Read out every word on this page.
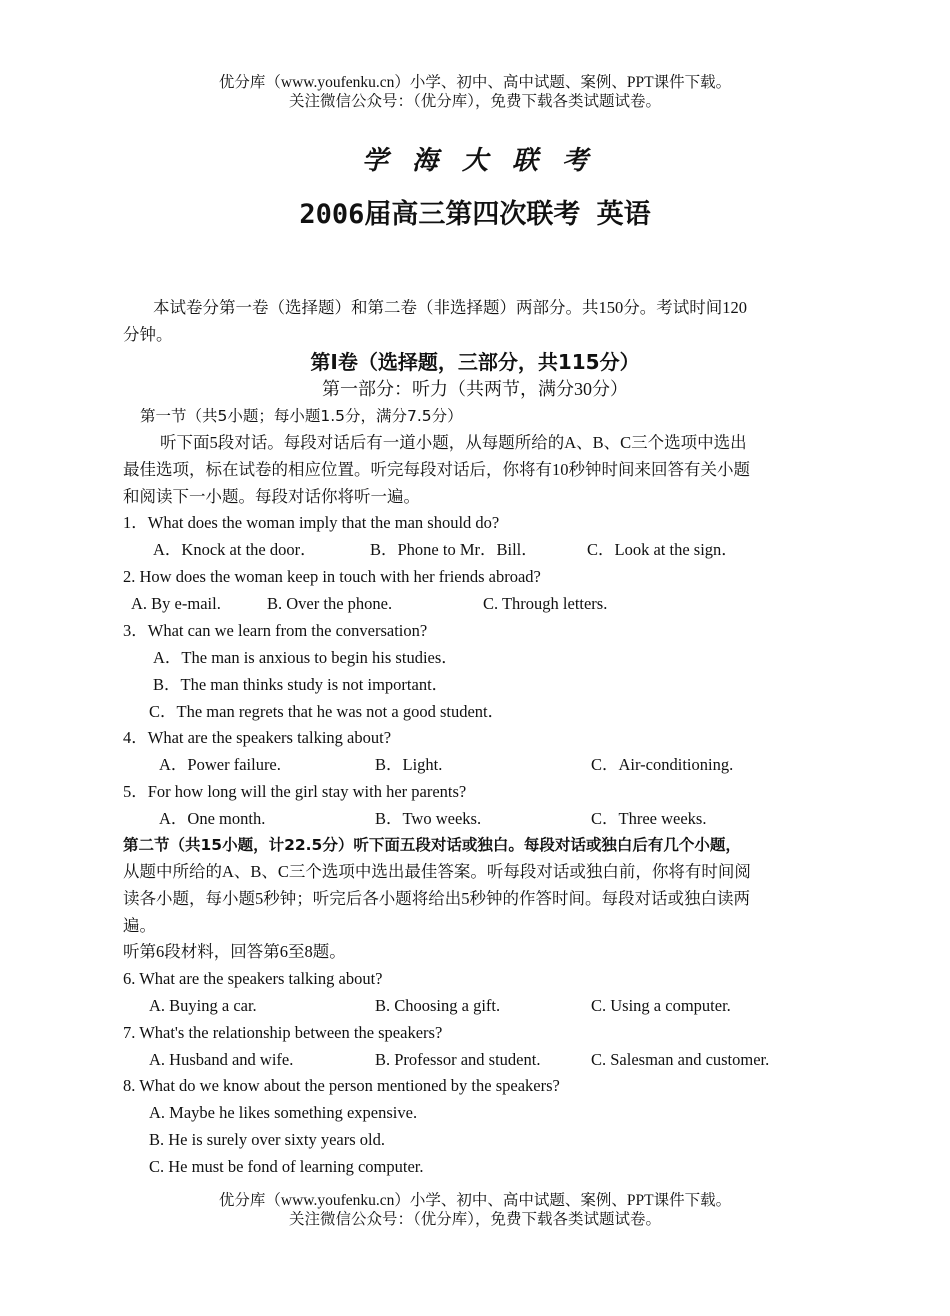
优分库（www.youfenku.cn）小学、初中、高中试题、案例、PPT课件下载。
关注微信公众号：（优分库），免费下载各类试题试卷。
学海大联考
2006届高三第四次联考 英语
本试卷分第一卷（选择题）和第二卷（非选择题）两部分。共150分。考试时间120
分钟。
第Ⅰ卷（选择题，三部分，共115分）
第一部分：听力（共两节，满分30分）
第一节（共5小题；每小题1.5分，满分7.5分）
听下面5段对话。每段对话后有一道小题，从每题所给的A、B、C三个选项中选出
最佳选项，标在试卷的相应位置。听完每段对话后，你将有10秒钟时间来回答有关小题
和阅读下一小题。每段对话你将听一遍。
1．What does the woman imply that the man should do?
A．Knock at the door．	B．Phone to Mr．Bill．	C．Look at the sign．
2. How does the woman keep in touch with her friends abroad?
A. By e-mail.	B. Over the phone.	C. Through letters.
3．What can we learn from the conversation?
A．The man is anxious to begin his studies．
B．The man thinks study is not important．
C．The man regrets that he was not a good student．
4．What are the speakers talking about?
A．Power failure.	B．Light.	C．Air-conditioning.
5．For how long will the girl stay with her parents?
A．One month.	B．Two weeks.	C．Three weeks.
第二节（共15小题，计22.5分）听下面五段对话或独白。每段对话或独白后有几个小题，
从题中所给的A、B、C三个选项中选出最佳答案。听每段对话或独白前，你将有时间阅
读各小题，每小题5秒钟；听完后各小题将给出5秒钟的作答时间。每段对话或独白读两
遍。
听第6段材料，回答第6至8题。
6. What are the speakers talking about?
A. Buying a car.	B. Choosing a gift.	C. Using a computer.
7. What's the relationship between the speakers?
A. Husband and wife.	B. Professor and student.	C. Salesman and customer.
8. What do we know about the person mentioned by the speakers?
A. Maybe he likes something expensive.
B. He is surely over sixty years old.
C. He must be fond of learning computer.
优分库（www.youfenku.cn）小学、初中、高中试题、案例、PPT课件下载。
关注微信公众号：（优分库），免费下载各类试题试卷。
